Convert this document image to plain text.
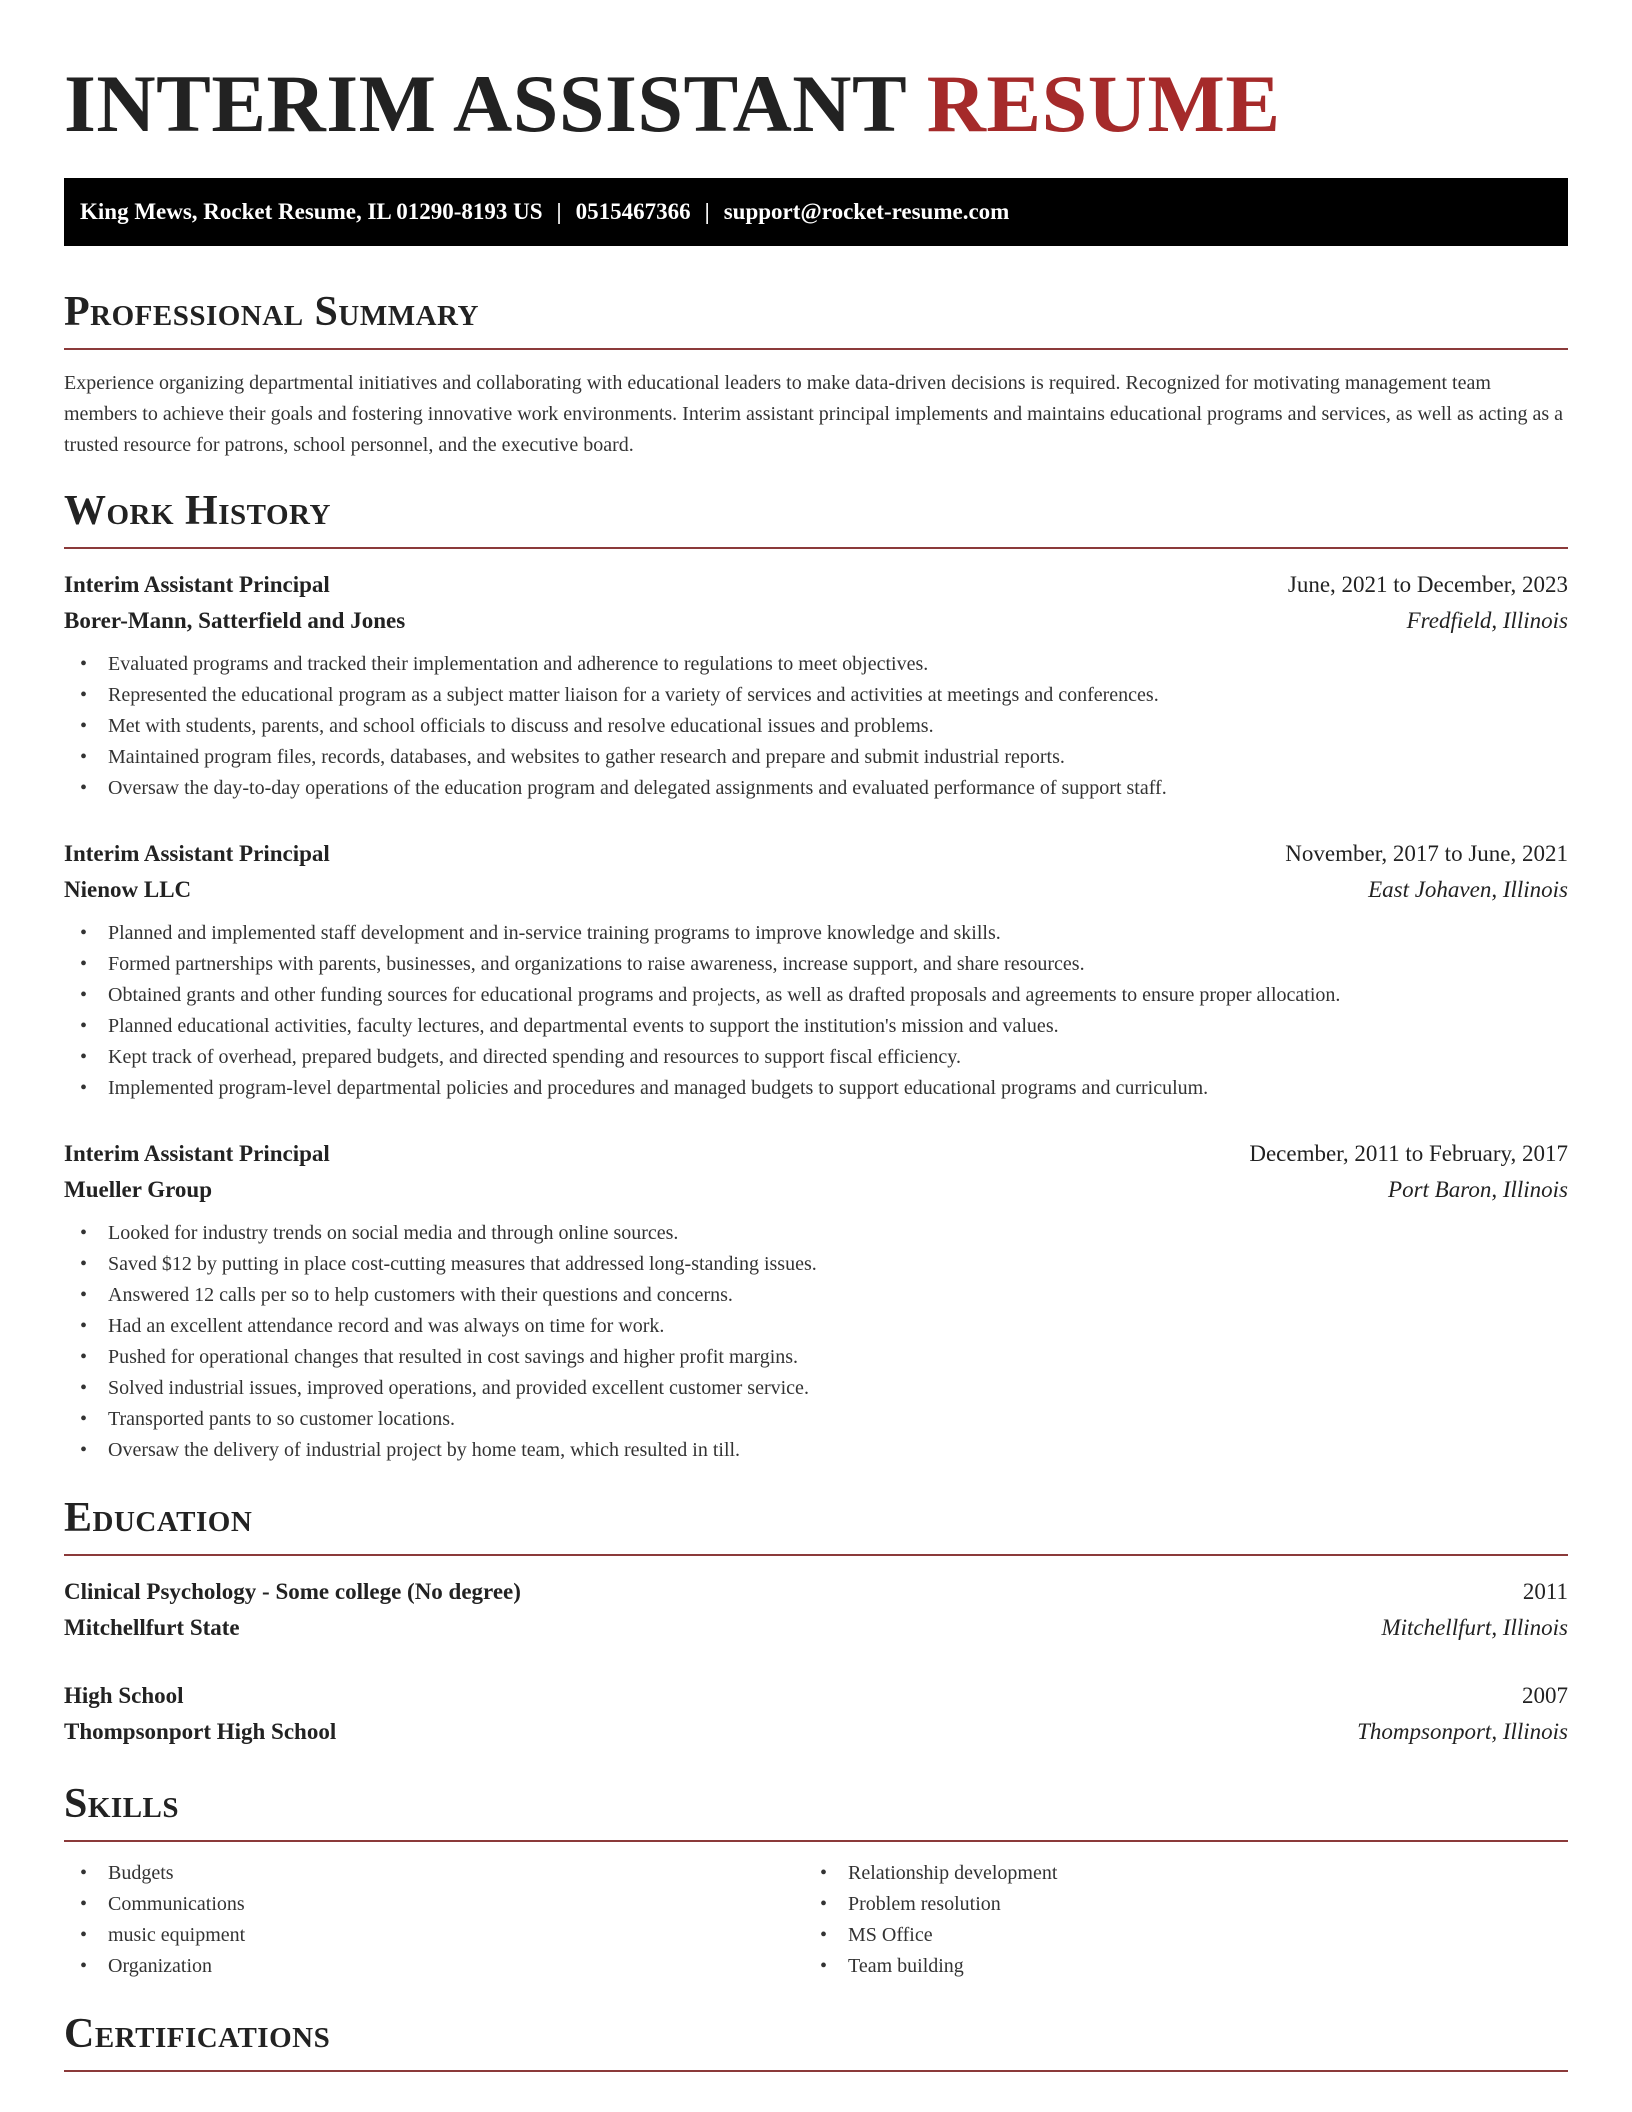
INTERIM ASSISTANT RESUME
King Mews, Rocket Resume, IL 01290-8193 US | 0515467366 | support@rocket-resume.com
Professional Summary

Experience organizing departmental initiatives and collaborating with educational leaders to make data-driven decisions is required. Recognized for motivating management team members to achieve their goals and fostering innovative work environments. Interim assistant principal implements and maintains educational programs and services, as well as acting as a trusted resource for patrons, school personnel, and the executive board.

Work History
Interim Assistant Principal	June, 2021 to December, 2023
Borer-Mann, Satterfield and Jones	Fredfield, Illinois
• Evaluated programs and tracked their implementation and adherence to regulations to meet objectives.
• Represented the educational program as a subject matter liaison for a variety of services and activities at meetings and conferences.
• Met with students, parents, and school officials to discuss and resolve educational issues and problems.
• Maintained program files, records, databases, and websites to gather research and prepare and submit industrial reports.
• Oversaw the day-to-day operations of the education program and delegated assignments and evaluated performance of support staff.
Interim Assistant Principal	November, 2017 to June, 2021
Nienow LLC	East Johaven, Illinois
• Planned and implemented staff development and in-service training programs to improve knowledge and skills.
• Formed partnerships with parents, businesses, and organizations to raise awareness, increase support, and share resources.
• Obtained grants and other funding sources for educational programs and projects, as well as drafted proposals and agreements to ensure proper allocation.
• Planned educational activities, faculty lectures, and departmental events to support the institution's mission and values.
• Kept track of overhead, prepared budgets, and directed spending and resources to support fiscal efficiency.
• Implemented program-level departmental policies and procedures and managed budgets to support educational programs and curriculum.
Interim Assistant Principal	December, 2011 to February, 2017
Mueller Group	Port Baron, Illinois
• Looked for industry trends on social media and through online sources.
• Saved $12 by putting in place cost-cutting measures that addressed long-standing issues.
• Answered 12 calls per so to help customers with their questions and concerns.
• Had an excellent attendance record and was always on time for work.
• Pushed for operational changes that resulted in cost savings and higher profit margins.
• Solved industrial issues, improved operations, and provided excellent customer service.
• Transported pants to so customer locations.
• Oversaw the delivery of industrial project by home team, which resulted in till.
Education
Clinical Psychology - Some college (No degree)	2011
Mitchellfurt State	Mitchellfurt, Illinois
High School	2007
Thompsonport High School	Thompsonport, Illinois
Skills
• Budgets
• Communications
• music equipment
• Organization
• Relationship development
• Problem resolution
• MS Office
• Team building
Certifications
